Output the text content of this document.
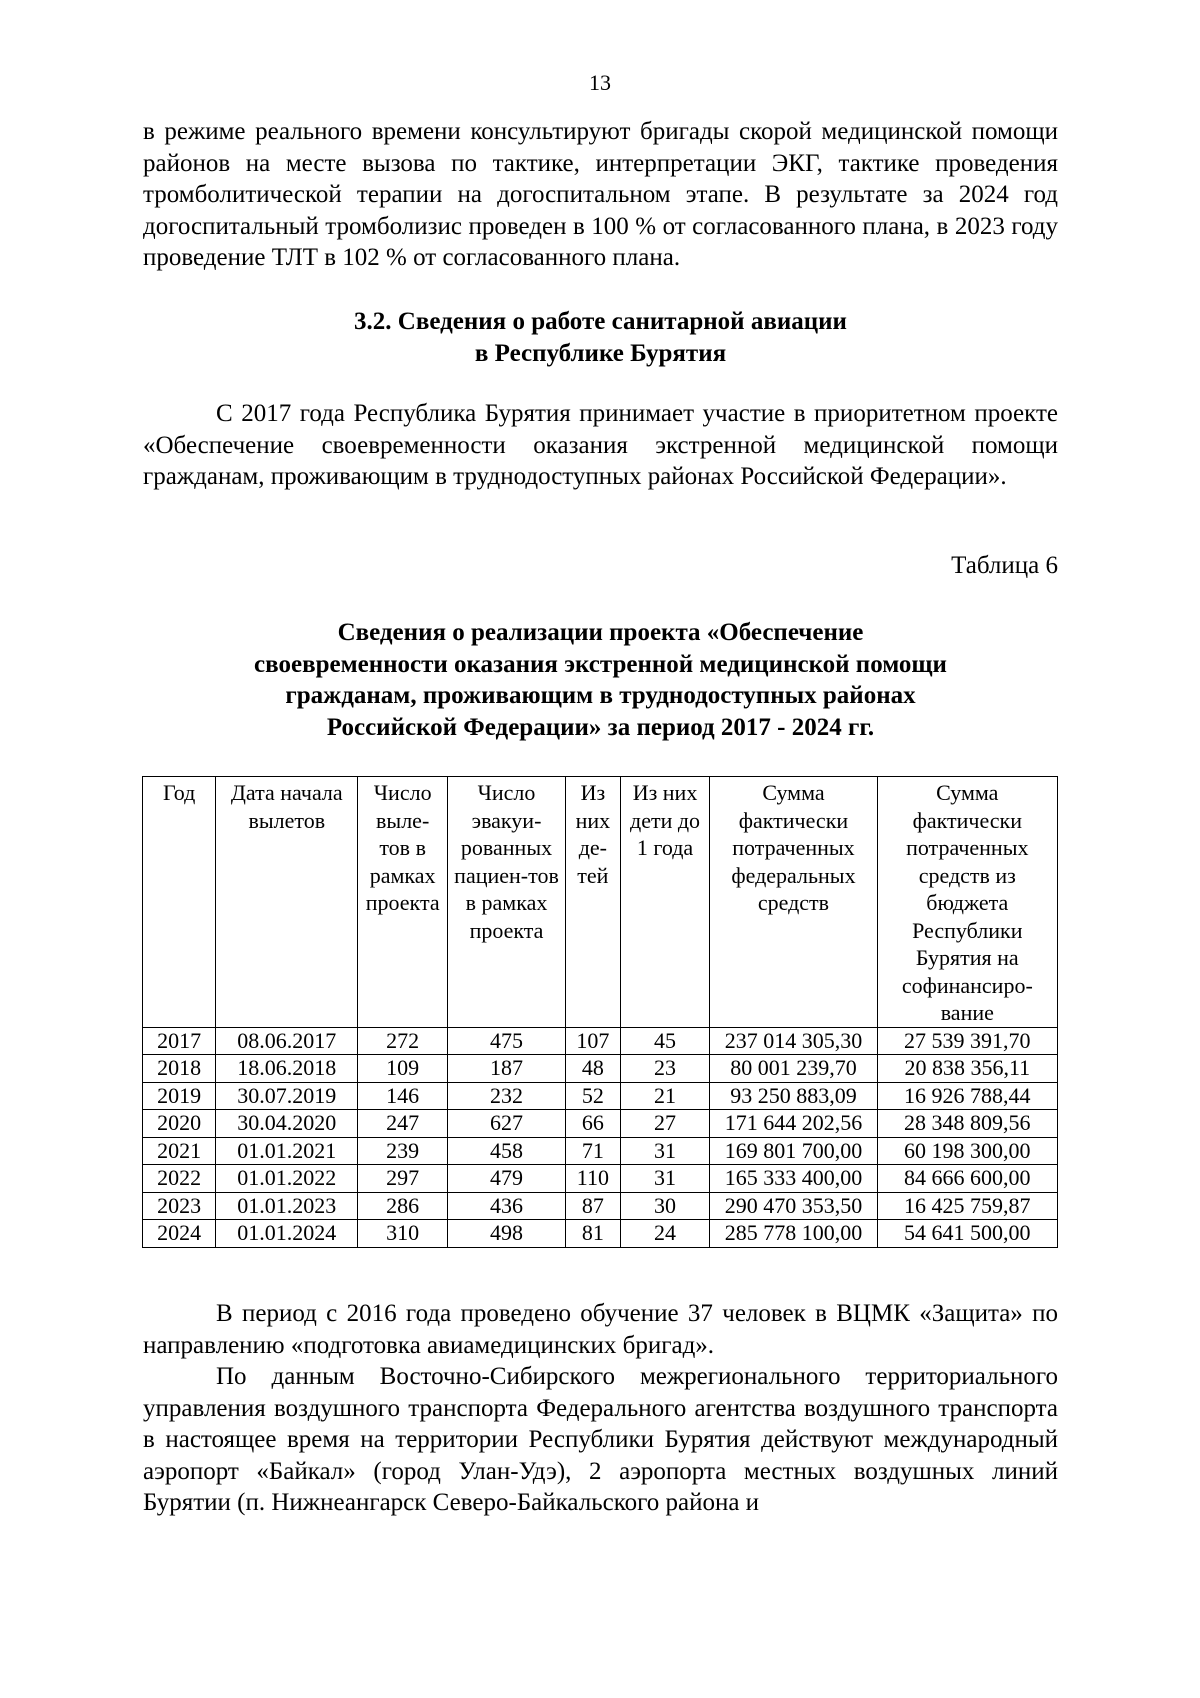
13

в режиме реального времени консультируют бригады скорой медицинской помощи районов на месте вызова по тактике, интерпретации ЭКГ, тактике проведения тромболитической терапии на догоспитальном этапе. В результате за 2024 год догоспитальный тромболизис проведен в 100 % от согласованного плана, в 2023 году проведение ТЛТ в 102 % от согласованного плана.

3.2. Сведения о работе санитарной авиации
в Республике Бурятия

С 2017 года Республика Бурятия принимает участие в приоритетном проекте «Обеспечение своевременности оказания экстренной медицинской помощи гражданам, проживающим в труднодоступных районах Российской Федерации».

Таблица 6

Сведения о реализации проекта «Обеспечение
своевременности оказания экстренной медицинской помощи
гражданам, проживающим в труднодоступных районах
Российской Федерации» за период 2017 - 2024 гг.
Год	Дата начала вылетов	Число выле-тов в рамках проекта	Число эвакуи-рованных пациен-тов в рамках проекта	Из них де-тей	Из них дети до 1 года	Сумма фактически потраченных федеральных средств	Сумма фактически потраченных средств из бюджета Республики Бурятия на софинансиро-вание
2017	08.06.2017	272	475	107	45	237 014 305,30	27 539 391,70
2018	18.06.2018	109	187	48	23	80 001 239,70	20 838 356,11
2019	30.07.2019	146	232	52	21	93 250 883,09	16 926 788,44
2020	30.04.2020	247	627	66	27	171 644 202,56	28 348 809,56
2021	01.01.2021	239	458	71	31	169 801 700,00	60 198 300,00
2022	01.01.2022	297	479	110	31	165 333 400,00	84 666 600,00
2023	01.01.2023	286	436	87	30	290 470 353,50	16 425 759,87
2024	01.01.2024	310	498	81	24	285 778 100,00	54 641 500,00

В период с 2016 года проведено обучение 37 человек в ВЦМК «Защита» по направлению «подготовка авиамедицинских бригад».

По данным Восточно-Сибирского межрегионального территориального управления воздушного транспорта Федерального агентства воздушного транспорта в настоящее время на территории Республики Бурятия действуют международный аэропорт «Байкал» (город Улан-Удэ), 2 аэропорта местных воздушных линий Бурятии (п. Нижнеангарск Северо-Байкальского района и
